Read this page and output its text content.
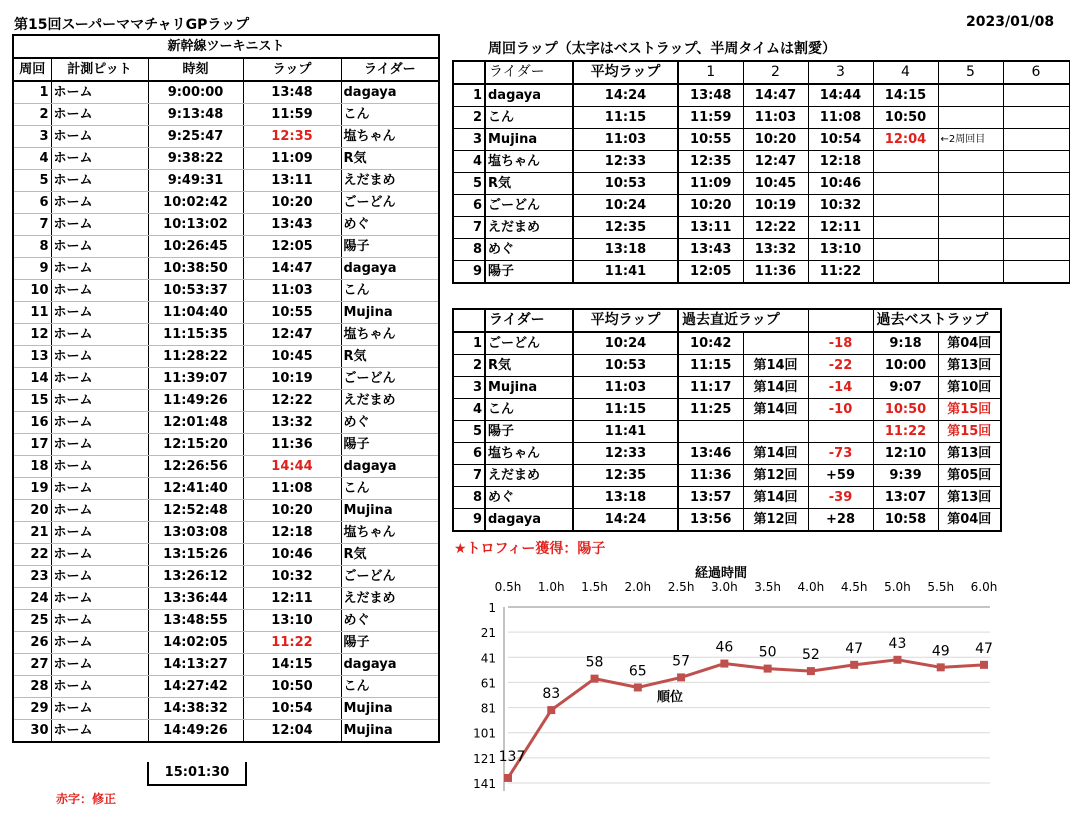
第15回スーパーママチャリGPラップ	2023/01/08
新幹線ツーキニスト				
周回	計測ピット	時刻	ラップ	ライダー
1	ホーム	9:00:00	13:48	dagaya
2	ホーム	9:13:48	11:59	こん
3	ホーム	9:25:47	12:35	塩ちゃん
4	ホーム	9:38:22	11:09	R気
5	ホーム	9:49:31	13:11	えだまめ
6	ホーム	10:02:42	10:20	ごーどん
7	ホーム	10:13:02	13:43	めぐ
8	ホーム	10:26:45	12:05	陽子
9	ホーム	10:38:50	14:47	dagaya
10	ホーム	10:53:37	11:03	こん
11	ホーム	11:04:40	10:55	Mujina
12	ホーム	11:15:35	12:47	塩ちゃん
13	ホーム	11:28:22	10:45	R気
14	ホーム	11:39:07	10:19	ごーどん
15	ホーム	11:49:26	12:22	えだまめ
16	ホーム	12:01:48	13:32	めぐ
17	ホーム	12:15:20	11:36	陽子
18	ホーム	12:26:56	14:44	dagaya
19	ホーム	12:41:40	11:08	こん
20	ホーム	12:52:48	10:20	Mujina
21	ホーム	13:03:08	12:18	塩ちゃん
22	ホーム	13:15:26	10:46	R気
23	ホーム	13:26:12	10:32	ごーどん
24	ホーム	13:36:44	12:11	えだまめ
25	ホーム	13:48:55	13:10	めぐ
26	ホーム	14:02:05	11:22	陽子
27	ホーム	14:13:27	14:15	dagaya
28	ホーム	14:27:42	10:50	こん
29	ホーム	14:38:32	10:54	Mujina
30	ホーム	14:49:26	12:04	Mujina
15:01:30
赤字：修正
周回ラップ（太字はベストラップ、半周タイムは割愛）
	ライダー	平均ラップ	1	2	3	4	5	6
1	dagaya	14:24	13:48	14:47	14:44	14:15		
2	こん	11:15	11:59	11:03	11:08	10:50		
3	Mujina	11:03	10:55	10:20	10:54	12:04	←2周回目	
4	塩ちゃん	12:33	12:35	12:47	12:18			
5	R気	10:53	11:09	10:45	10:46			
6	ごーどん	10:24	10:20	10:19	10:32			
7	えだまめ	12:35	13:11	12:22	12:11			
8	めぐ	13:18	13:43	13:32	13:10			
9	陽子	11:41	12:05	11:36	11:22			
	ライダー	平均ラップ	過去直近ラップ			過去ベストラップ	
1	ごーどん	10:24	10:42		-18	9:18	第04回
2	R気	10:53	11:15	第14回	-22	10:00	第13回
3	Mujina	11:03	11:17	第14回	-14	9:07	第10回
4	こん	11:15	11:25	第14回	-10	10:50	第15回
5	陽子	11:41				11:22	第15回
6	塩ちゃん	12:33	13:46	第14回	-73	12:10	第13回
7	えだまめ	12:35	11:36	第12回	+59	9:39	第05回
8	めぐ	13:18	13:57	第14回	-39	13:07	第13回
9	dagaya	14:24	13:56	第12回	+28	10:58	第04回
★トロフィー獲得：陽子
経過時間
0.5h 1.0h 1.5h 2.0h 2.5h 3.0h 3.5h 4.0h 4.5h 5.0h 5.5h 6.0h
1
21
41
61
81
101
121
141
137
83
58
65
57
46 50 52 47 43 49 47
順位
